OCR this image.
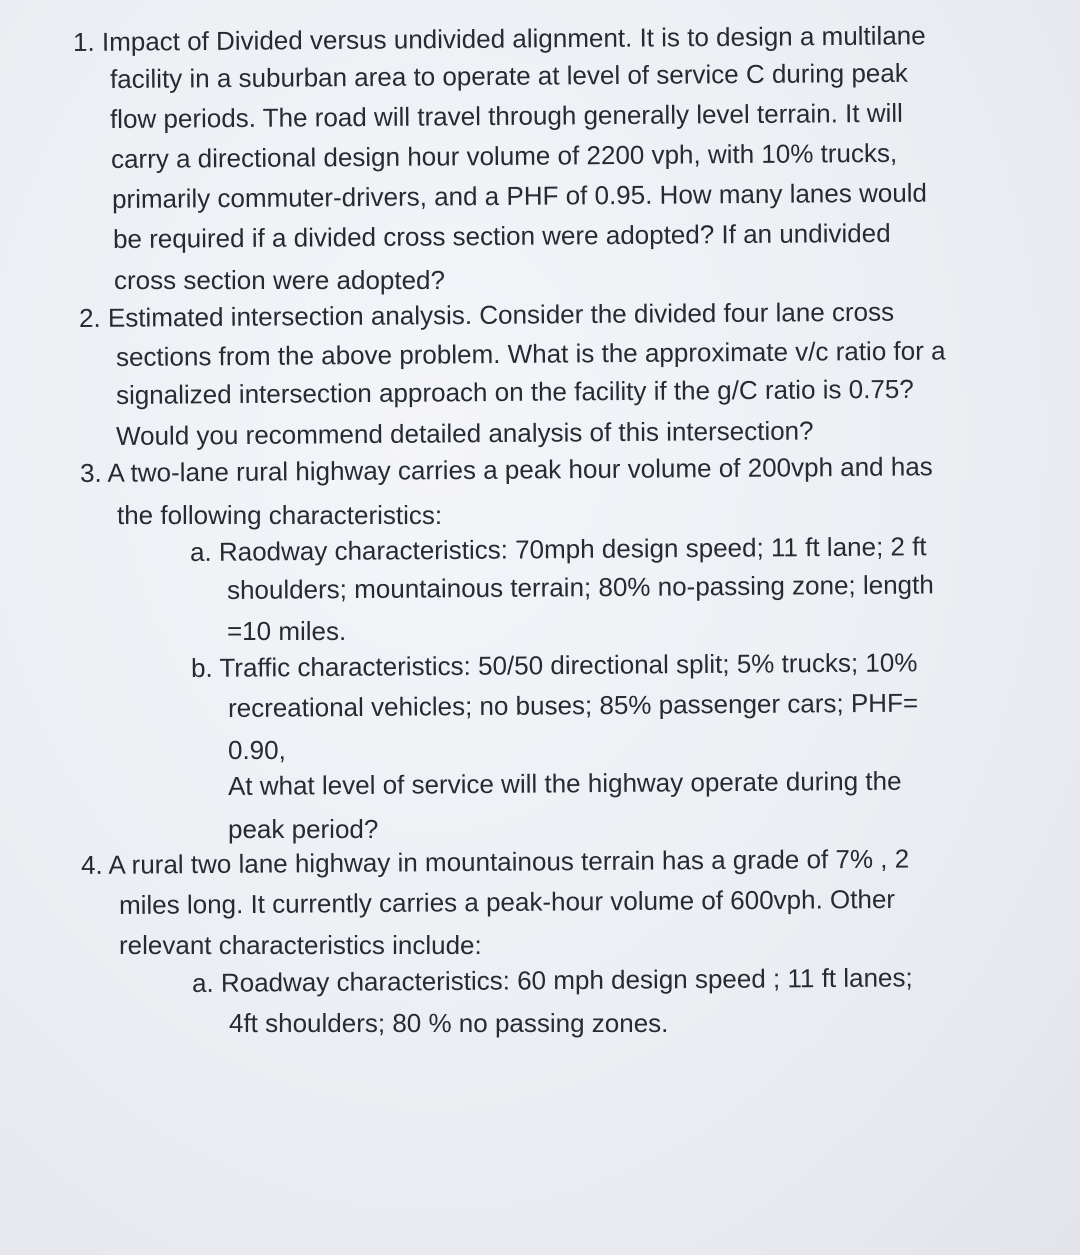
1. Impact of Divided versus undivided alignment. It is to design a multilane
facility in a suburban area to operate at level of service C during peak
flow periods. The road will travel through generally level terrain. It will
carry a directional design hour volume of 2200 vph, with 10% trucks,
primarily commuter-drivers, and a PHF of 0.95. How many lanes would
be required if a divided cross section were adopted? If an undivided
cross section were adopted?
2. Estimated intersection analysis. Consider the divided four lane cross
sections from the above problem. What is the approximate v/c ratio for a
signalized intersection approach on the facility if the g/C ratio is 0.75?
Would you recommend detailed analysis of this intersection?
3. A two-lane rural highway carries a peak hour volume of 200vph and has
the following characteristics:
a. Raodway characteristics: 70mph design speed; 11 ft lane; 2 ft
shoulders; mountainous terrain; 80% no-passing zone; length
=10 miles.
b. Traffic characteristics: 50/50 directional split; 5% trucks; 10%
recreational vehicles; no buses; 85% passenger cars; PHF=
0.90,
At what level of service will the highway operate during the
peak period?
4. A rural two lane highway in mountainous terrain has a grade of 7% , 2
miles long. It currently carries a peak-hour volume of 600vph. Other
relevant characteristics include:
a. Roadway characteristics: 60 mph design speed ; 11 ft lanes;
4ft shoulders; 80 % no passing zones.
